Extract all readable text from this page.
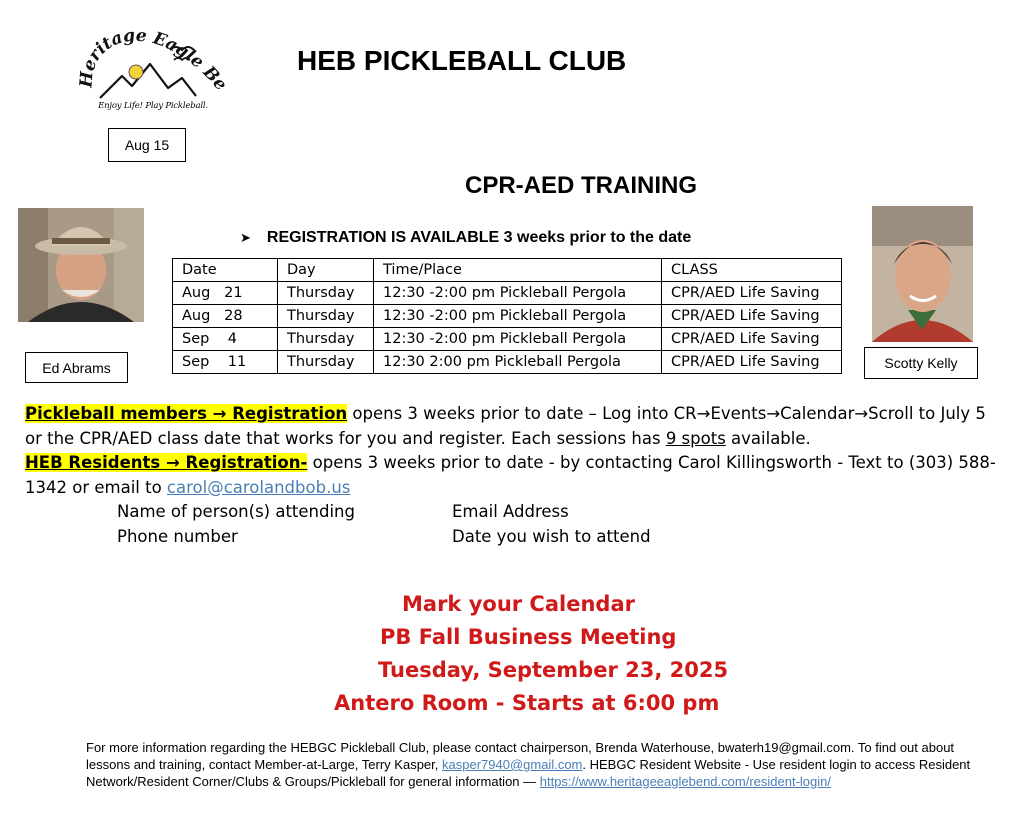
Heritage Eagle B
Enjoy Life! Play Pickleball.
Aug 15
HEB PICKLEBALL CLUB
CPR-AED TRAINING
Ed Abrams	Scotty Kelly
➤ REGISTRATION IS AVAILABLE 3 weeks prior to the date
Date	Day	Time/Place	CLASS
Aug   21	Thursday	12:30 -2:00 pm Pickleball Pergola	CPR/AED Life Saving
Aug   28	Thursday	12:30 -2:00 pm Pickleball Pergola	CPR/AED Life Saving
Sep    4	Thursday	12:30 -2:00 pm Pickleball Pergola	CPR/AED Life Saving
Sep    11	Thursday	12:30 2:00 pm Pickleball Pergola	CPR/AED Life Saving
Pickleball members → Registration opens 3 weeks prior to date – Log into CR→Events→Calendar→Scroll to July 5 or the CPR/AED class date that works for you and register. Each sessions has 9 spots available.
HEB Residents → Registration- opens 3 weeks prior to date - by contacting Carol Killingsworth - Text to (303) 588-1342 or email to carol@carolandbob.us
Name of person(s) attending	Email Address
Phone number	Date you wish to attend
Mark your Calendar
PB Fall Business Meeting
Tuesday, September 23, 2025
Antero Room - Starts at 6:00 pm
For more information regarding the HEBGC Pickleball Club, please contact chairperson, Brenda Waterhouse, bwaterh19@gmail.com. To find out about lessons and training, contact Member-at-Large, Terry Kasper, kasper7940@gmail.com. HEBGC Resident Website - Use resident login to access Resident Network/Resident Corner/Clubs & Groups/Pickleball for general information — https://www.heritageeaglebend.com/resident-login/
